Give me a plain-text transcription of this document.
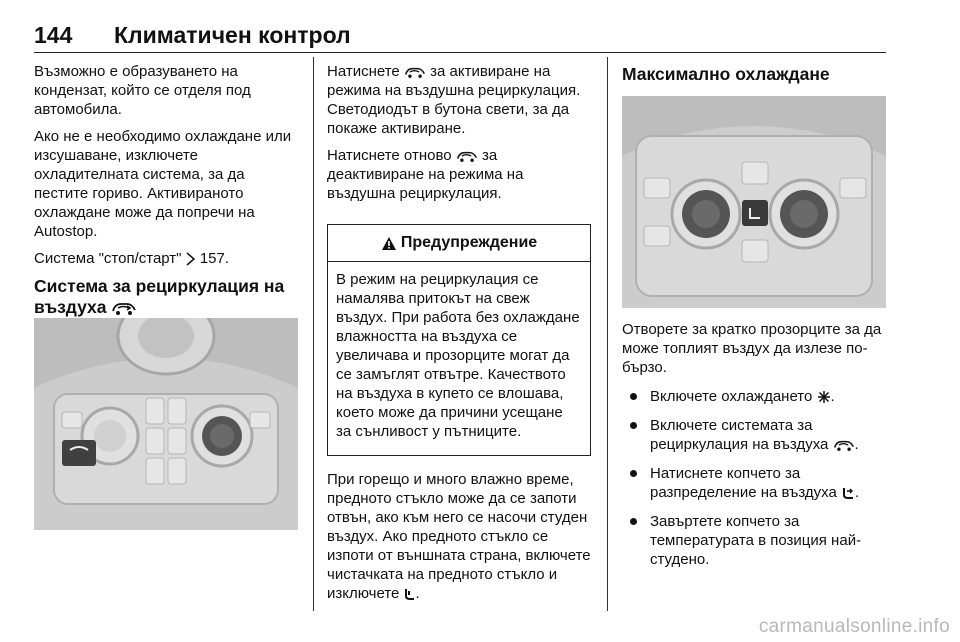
144 Климатичен контрол

Възможно е образуването на кондензат, който се отделя под автомобила.

Ако не е необходимо охлаждане или изсушаване, изключете охладителната система, за да пестите гориво. Активираното охлаждане може да попречи на Autostop.

Система "стоп/старт" 157.

Система за рециркулация на въздуха

Натиснете за активиране на режима на въздушна рециркулация. Светодиодът в бутона свети, за да покаже активиране.

Натиснете отново за деактивиране на режима на въздушна рециркулация.

Предупреждение
В режим на рециркулация се намалява притокът на свеж въздух. При работа без охлаждане влажността на въздуха се увеличава и прозорците могат да се замъглят отвътре. Качеството на въздуха в купето се влошава, което може да причини усещане за сънливост у пътниците.
При горещо и много влажно време, предното стъкло може да се запоти отвън, ако към него се насочи студен въздух. Ако предното стъкло се изпоти от външната страна, включете чистачката на предното стъкло и изключете .
Максимално охлаждане

Отворете за кратко прозорците за да може топлият въздух да излезе по-бързо.

Включете охлаждането .
Включете системата за рециркулация на въздуха .
Натиснете копчето за разпределение на въздуха .
Завъртете копчето за температурата в позиция най-студено.
carmanualsonline.info
